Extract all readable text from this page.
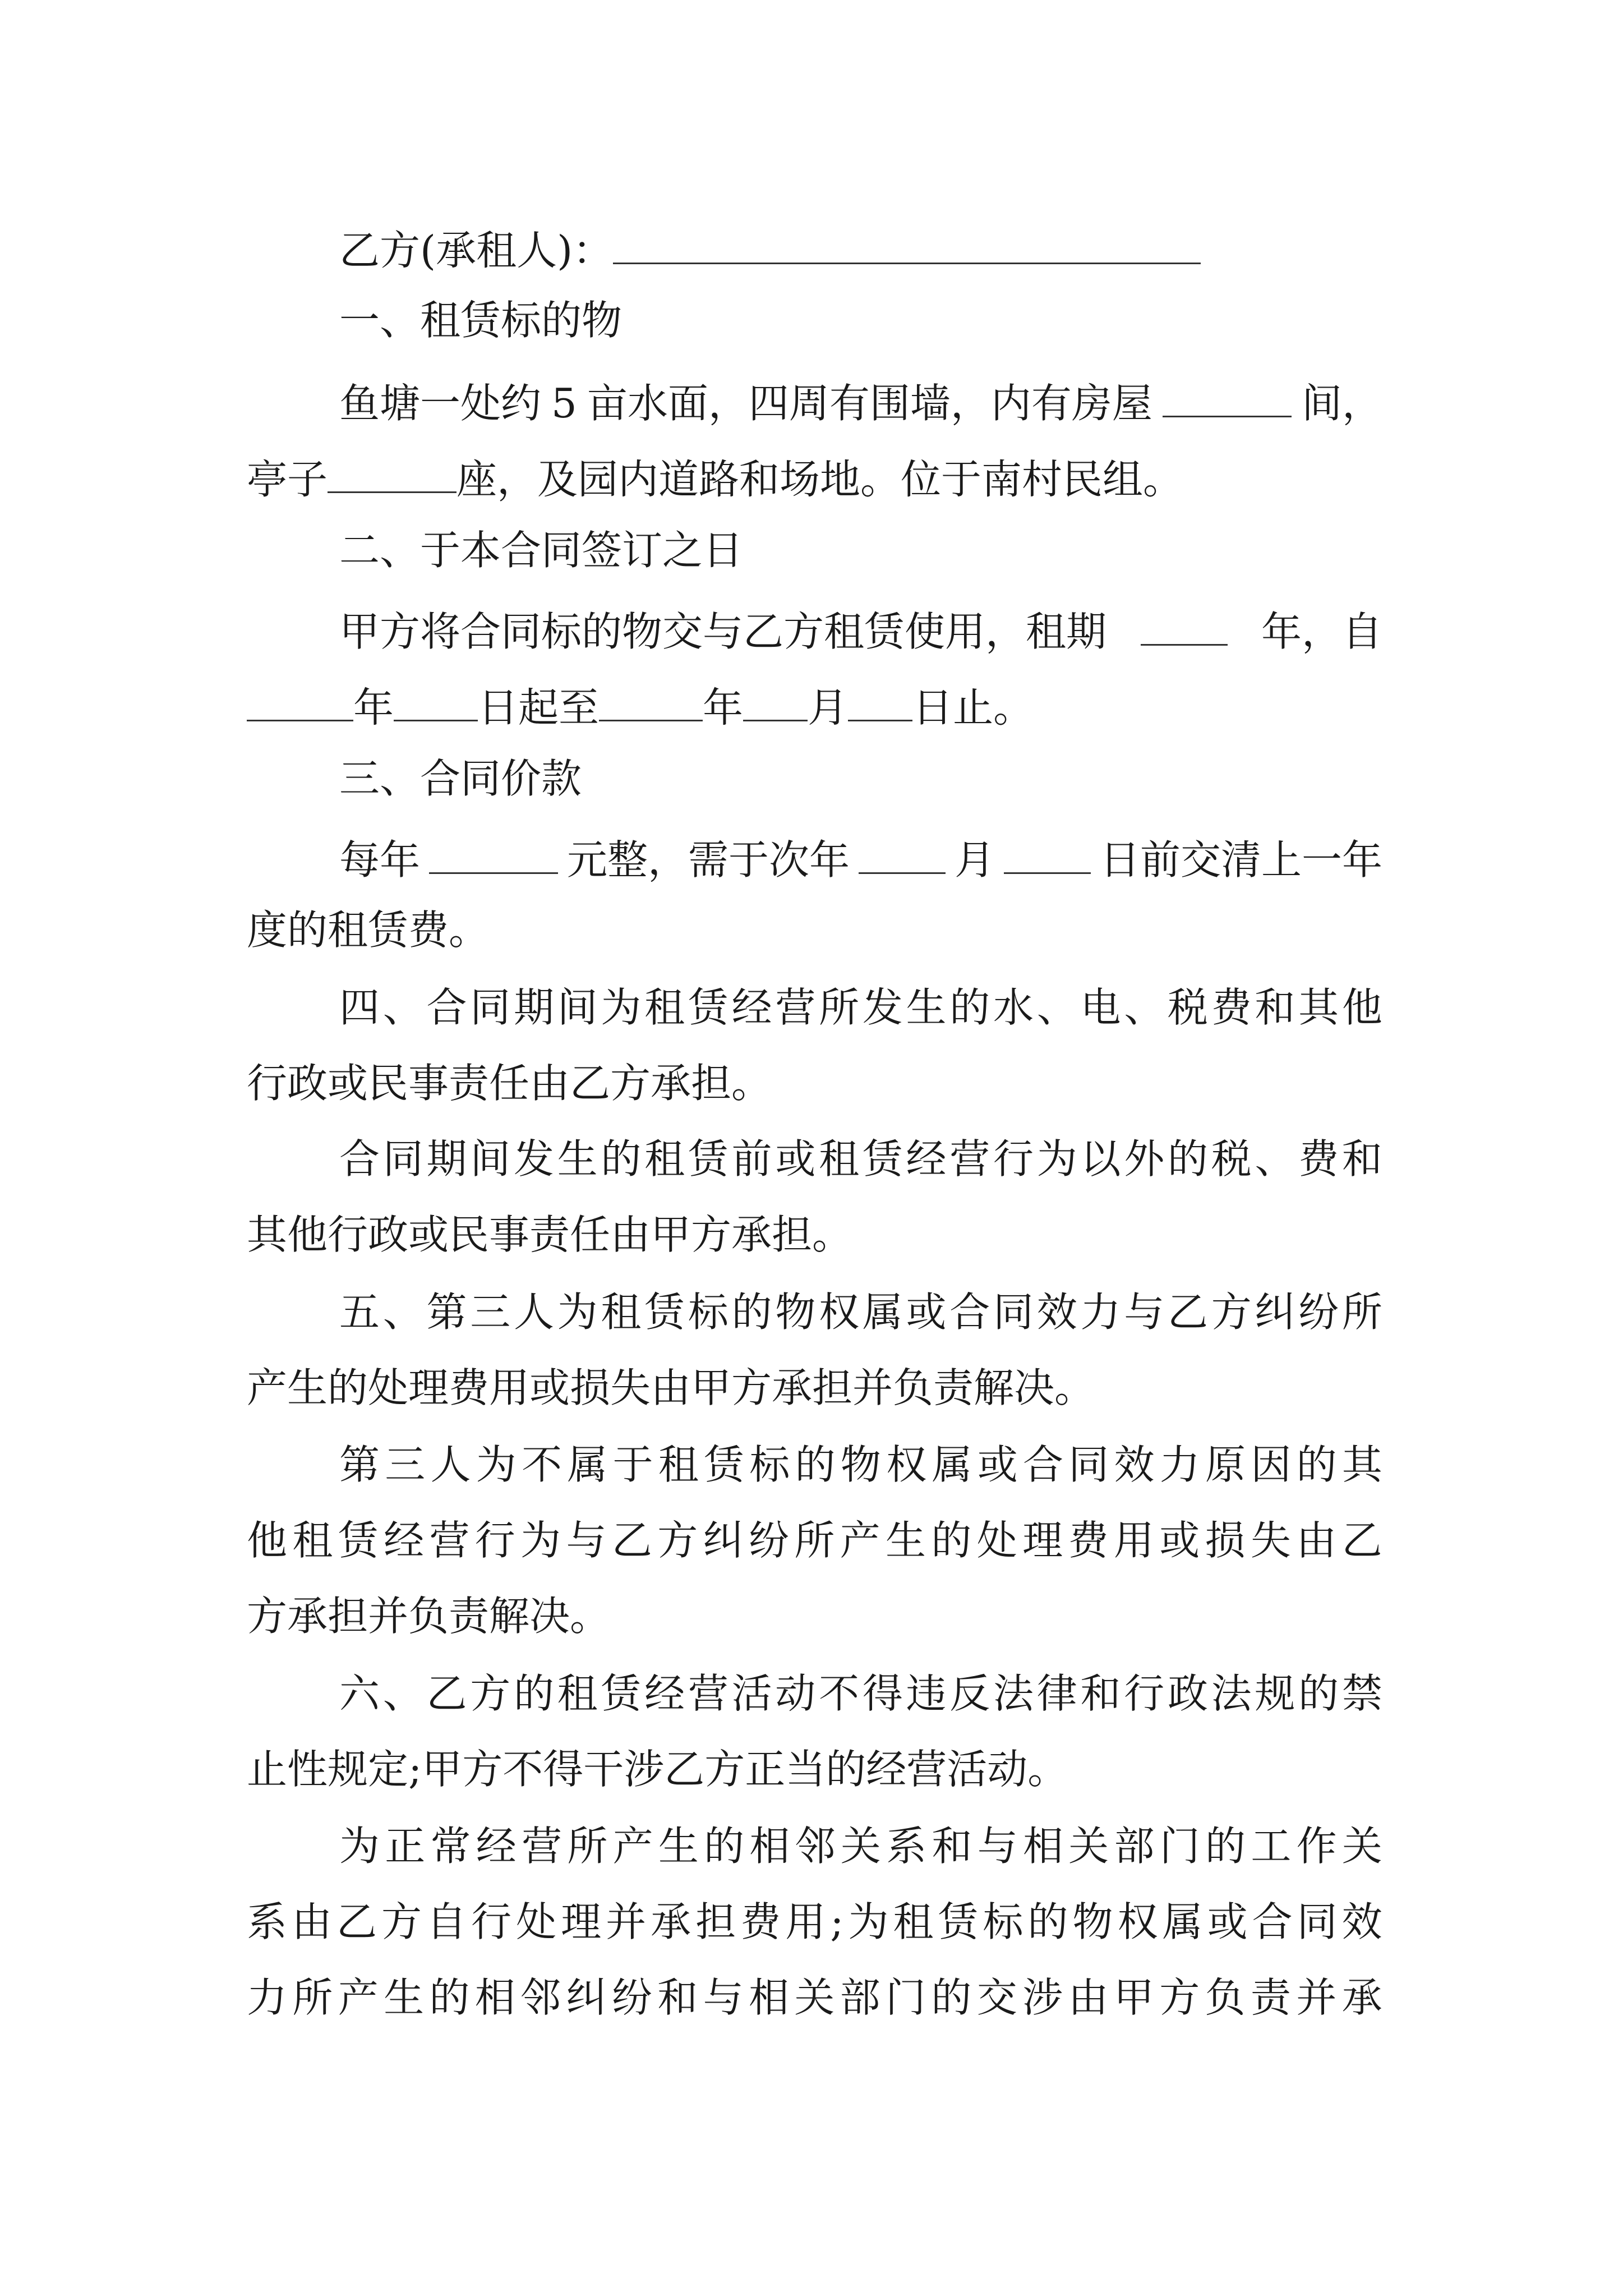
乙方(承租人)：
一、租赁标的物
鱼塘一处约 5 亩水面，四周有围墙，内有房屋	间，
亭子	座，及园内道路和场地。位于南村民组。
二、于本合同签订之日
甲方将合同标的物交与乙方租赁使用，租期	年，自
年 日起至	年 月 日止。
三、合同价款
每年	元整，需于次年	月	日前交清上一年
度的租赁费。
四 、 合 同 期 间 为 租 赁 经 营 所 发 生 的 水 、 电 、 税 费 和 其 他
行政或民事责任由乙方承担。
合 同 期 间 发 生 的 租 赁 前 或 租 赁 经 营 行 为 以 外 的 税 、 费 和
其他行政或民事责任由甲方承担。
五 、 第 三 人 为 租 赁 标 的 物 权 属 或 合 同 效 力 与 乙 方 纠 纷 所
产生的处理费用或损失由甲方承担并负责解决。
第 三 人 为 不 属 于 租 赁 标 的 物 权 属 或 合 同 效 力 原 因 的 其
他 租 赁 经 营 行 为 与 乙 方 纠 纷 所 产 生 的 处 理 费 用 或 损 失 由 乙
方承担并负责解决。
六 、 乙 方 的 租 赁 经 营 活 动 不 得 违 反 法 律 和 行 政 法 规 的 禁
止性规定;甲方不得干涉乙方正当的经营活动。
为 正 常 经 营 所 产 生 的 相 邻 关 系 和 与 相 关 部 门 的 工 作 关
系 由 乙 方 自 行 处 理 并 承 担 费 用 ; 为 租 赁 标 的 物 权 属 或 合 同 效
力 所 产 生 的 相 邻 纠 纷 和 与 相 关 部 门 的 交 涉 由 甲 方 负 责 并 承
